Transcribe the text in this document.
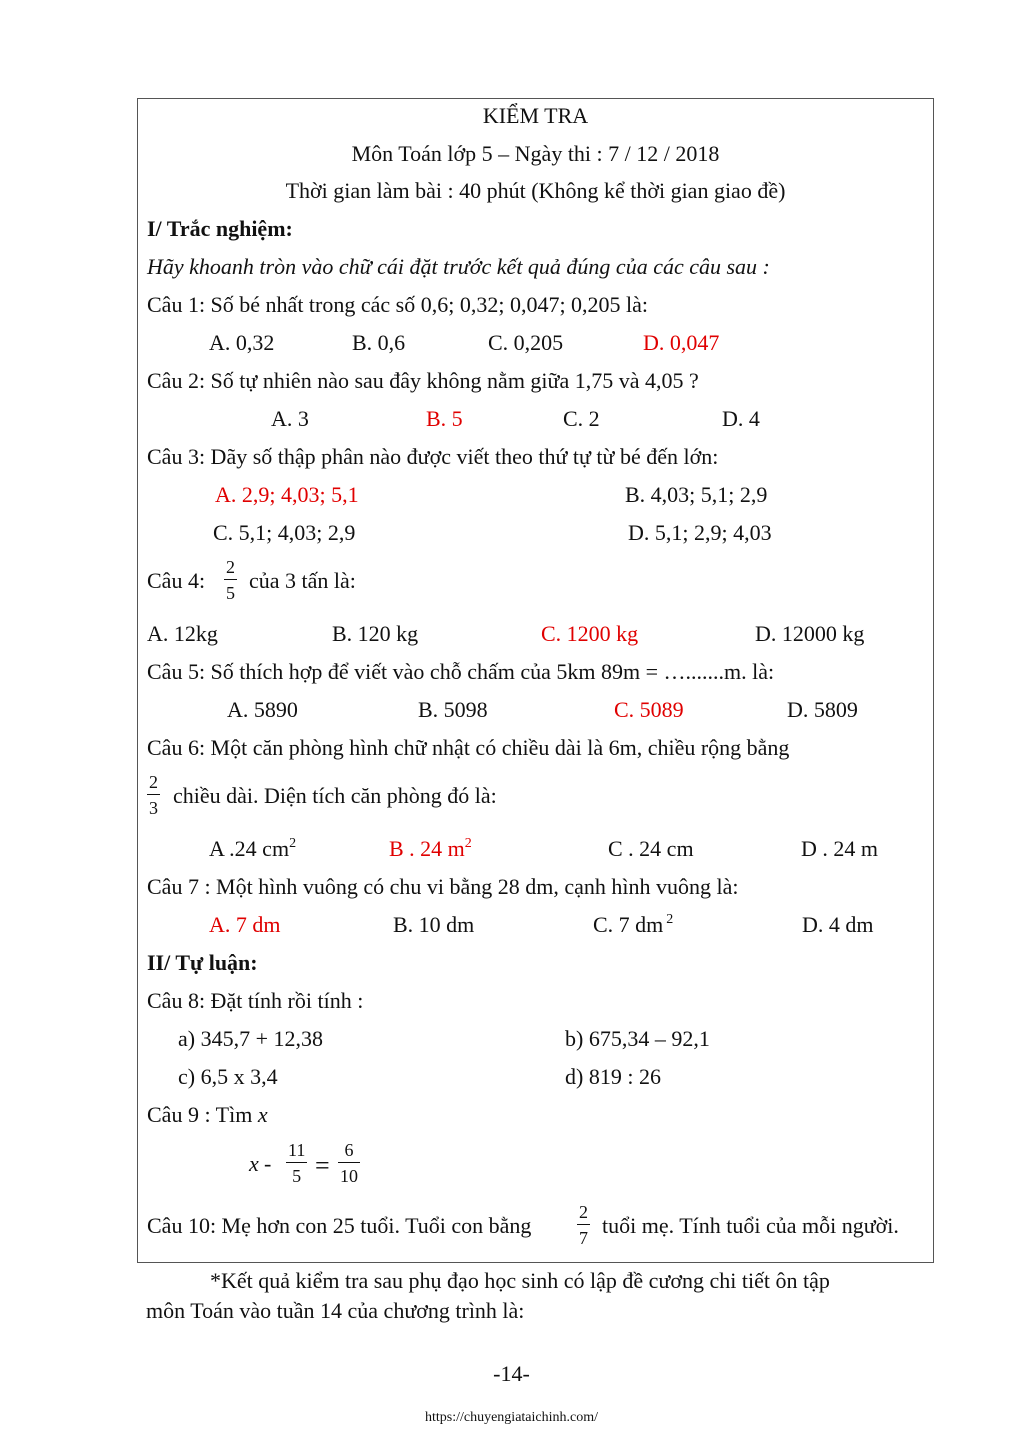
KIỂM TRA
Môn Toán lớp 5 – Ngày thi : 7 / 12 / 2018
Thời gian làm bài : 40 phút (Không kể thời gian giao đề)
I/ Trắc nghiệm:
Hãy khoanh tròn vào chữ cái đặt trước kết quả đúng của các câu sau :
Câu 1: Số bé nhất trong các số 0,6; 0,32; 0,047; 0,205 là:
A. 0,32	B. 0,6	C. 0,205	D. 0,047
Câu 2: Số tự nhiên nào sau đây không nằm giữa 1,75 và 4,05 ?
A. 3	B. 5	C. 2	D. 4
Câu 3: Dãy số thập phân nào được viết theo thứ tự từ bé đến lớn:
A. 2,9; 4,03; 5,1	B. 4,03; 5,1; 2,9
C. 5,1; 4,03; 2,9	D. 5,1; 2,9; 4,03
Câu 4: $\frac{2}{5}$ của 3 tấn là:
A. 12kg	B. 120 kg	C. 1200 kg	D. 12000 kg
Câu 5: Số thích hợp để viết vào chỗ chấm của 5km 89m = ….......m. là:
A. 5890	B. 5098	C. 5089	D. 5809
Câu 6: Một căn phòng hình chữ nhật có chiều dài là 6m, chiều rộng bằng
$\frac{2}{3}$ chiều dài. Diện tích căn phòng đó là:
A .24 $cm^2$	B . 24 $m^2$	C . 24 cm	D . 24 m
Câu 7 : Một hình vuông có chu vi bằng 28 dm, cạnh hình vuông là:
A. 7 dm	B. 10 dm	C. 7 dm $^2$	D. 4 dm
II/ Tự luận:
Câu 8: Đặt tính rồi tính :
a) 345,7 + 12,38	b) 675,34 – 92,1
c) 6,5 x 3,4	d) 819 : 26
Câu 9 : Tìm x
$x - \frac{11}{5} = \frac{6}{10}$
Câu 10: Mẹ hơn con 25 tuổi. Tuổi con bằng	$\frac{2}{7}$ tuổi mẹ. Tính tuổi của mỗi người.
*Kết quả kiểm tra sau phụ đạo học sinh có lập đề cương chi tiết ôn tập
môn Toán vào tuần 14 của chương trình là:
-14-
https://chuyengiataichinh.com/
